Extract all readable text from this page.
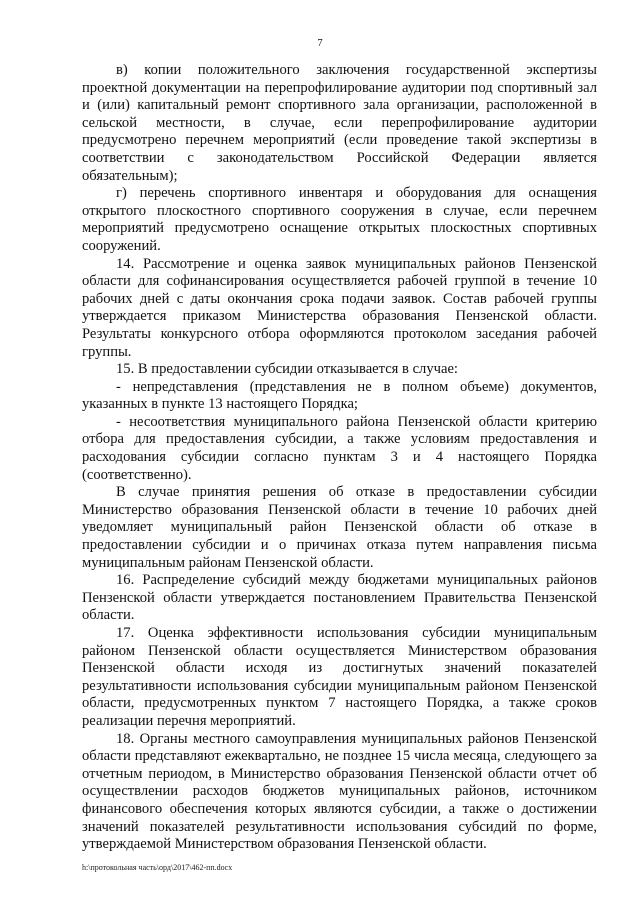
7

в) копии положительного заключения государственной экспертизы проектной документации на перепрофилирование аудитории под спортивный зал и (или) капитальный ремонт спортивного зала организации, расположенной в сельской местности, в случае, если перепрофилирование аудитории предусмотрено перечнем мероприятий (если проведение такой экспертизы в соответствии с законодательством Российской Федерации является обязательным);

г) перечень спортивного инвентаря и оборудования для оснащения открытого плоскостного спортивного сооружения в случае, если перечнем мероприятий предусмотрено оснащение открытых плоскостных спортивных сооружений.

14. Рассмотрение и оценка заявок муниципальных районов Пензенской области для софинансирования осуществляется рабочей группой в течение 10 рабочих дней с даты окончания срока подачи заявок. Состав рабочей группы утверждается приказом Министерства образования Пензенской области. Результаты конкурсного отбора оформляются протоколом заседания рабочей группы.

15. В предоставлении субсидии отказывается в случае:

- непредставления (представления не в полном объеме) документов, указанных в пункте 13 настоящего Порядка;

- несоответствия муниципального района Пензенской области критерию отбора для предоставления субсидии, а также условиям предоставления и расходования субсидии согласно пунктам 3 и 4 настоящего Порядка (соответственно).

В случае принятия решения об отказе в предоставлении субсидии Министерство образования Пензенской области в течение 10 рабочих дней уведомляет муниципальный район Пензенской области об отказе в предоставлении субсидии и о причинах отказа путем направления письма муниципальным районам Пензенской области.

16. Распределение субсидий между бюджетами муниципальных районов Пензенской области утверждается постановлением Правительства Пензенской области.

17. Оценка эффективности использования субсидии муниципальным районом Пензенской области осуществляется Министерством образования Пензенской области исходя из достигнутых значений показателей результативности использования субсидии муниципальным районом Пензенской области, предусмотренных пунктом 7 настоящего Порядка, а также сроков реализации перечня мероприятий.

18. Органы местного самоуправления муниципальных районов Пензенской области представляют ежеквартально, не позднее 15 числа месяца, следующего за отчетным периодом, в Министерство образования Пензенской области отчет об осуществлении расходов бюджетов муниципальных районов, источником финансового обеспечения которых являются субсидии, а также о достижении значений показателей результативности использования субсидий по форме, утверждаемой Министерством образования Пензенской области.

h:\протокольная часть\орд\2017\462-пп.docx
